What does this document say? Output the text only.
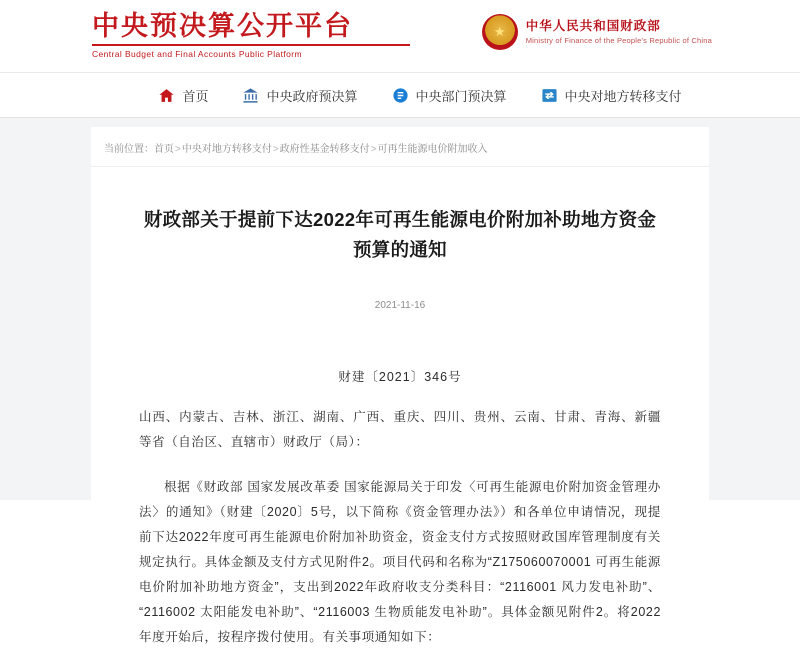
中央预决算公开平台
Central Budget and Final Accounts Public Platform
★
中华人民共和国财政部
Ministry of Finance of the People's Republic of China
首页	中央政府预决算	中央部门预决算	中央对地方转移支付
当前位置：首页>中央对地方转移支付>政府性基金转移支付>可再生能源电价附加收入
财政部关于提前下达2022年可再生能源电价附加补助地方资金预算的通知
2021-11-16
财建〔2021〕346号

山西、内蒙古、吉林、浙江、湖南、广西、重庆、四川、贵州、云南、甘肃、青海、新疆等省（自治区、直辖市）财政厅（局）：

根据《财政部 国家发展改革委 国家能源局关于印发〈可再生能源电价附加资金管理办法〉的通知》（财建〔2020〕5号，以下简称《资金管理办法》）和各单位申请情况，现提前下达2022年度可再生能源电价附加补助资金，资金支付方式按照财政国库管理制度有关规定执行。具体金额及支付方式见附件2。项目代码和名称为“Z175060070001 可再生能源电价附加补助地方资金”，支出到2022年政府收支分类科目：“2116001 风力发电补助”、“2116002 太阳能发电补助”、“2116003 生物质能发电补助”。具体金额见附件2。将2022年度开始后，按程序拨付使用。有关事项通知如下：
